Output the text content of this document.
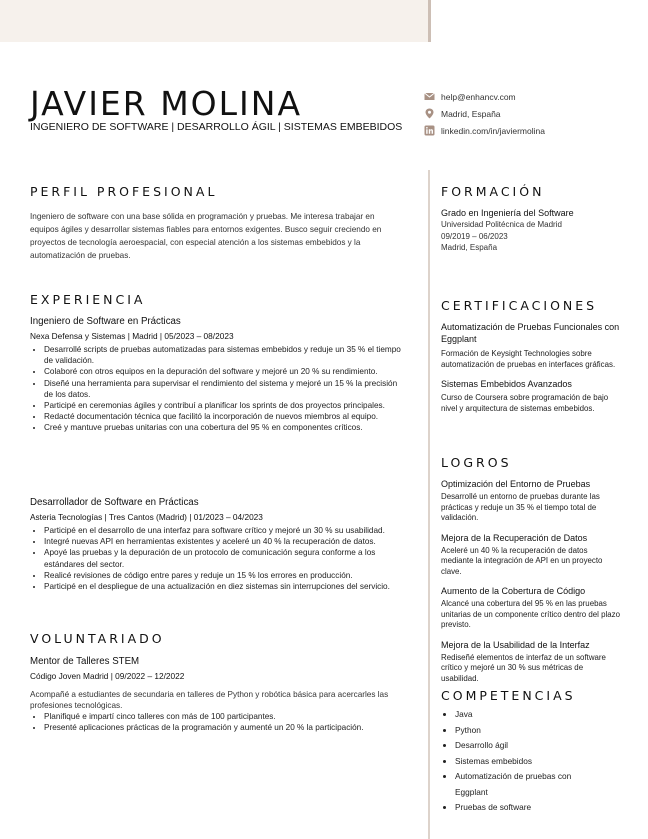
JAVIER MOLINA
INGENIERO DE SOFTWARE | DESARROLLO ÁGIL | SISTEMAS EMBEBIDOS
help@enhancv.com
Madrid, España
linkedin.com/in/javiermolina
PERFIL PROFESIONAL
Ingeniero de software con una base sólida en programación y pruebas. Me interesa trabajar en equipos ágiles y desarrollar sistemas fiables para entornos exigentes. Busco seguir creciendo en proyectos de tecnología aeroespacial, con especial atención a los sistemas embebidos y la automatización de pruebas.
EXPERIENCIA
Ingeniero de Software en Prácticas
Nexa Defensa y Sistemas | Madrid | 05/2023 – 08/2023
• Desarrollé scripts de pruebas automatizadas para sistemas embebidos y reduje un 35 % el tiempo de validación.
• Colaboré con otros equipos en la depuración del software y mejoré un 20 % su rendimiento.
• Diseñé una herramienta para supervisar el rendimiento del sistema y mejoré un 15 % la precisión de los datos.
• Participé en ceremonias ágiles y contribuí a planificar los sprints de dos proyectos principales.
• Redacté documentación técnica que facilitó la incorporación de nuevos miembros al equipo.
• Creé y mantuve pruebas unitarias con una cobertura del 95 % en componentes críticos.
Desarrollador de Software en Prácticas
Asteria Tecnologías | Tres Cantos (Madrid) | 01/2023 – 04/2023
• Participé en el desarrollo de una interfaz para software crítico y mejoré un 30 % su usabilidad.
• Integré nuevas API en herramientas existentes y aceleré un 40 % la recuperación de datos.
• Apoyé las pruebas y la depuración de un protocolo de comunicación segura conforme a los estándares del sector.
• Realicé revisiones de código entre pares y reduje un 15 % los errores en producción.
• Participé en el despliegue de una actualización en diez sistemas sin interrupciones del servicio.
VOLUNTARIADO
Mentor de Talleres STEM
Código Joven Madrid | 09/2022 – 12/2022
Acompañé a estudiantes de secundaria en talleres de Python y robótica básica para acercarles las profesiones tecnológicas.
• Planifiqué e impartí cinco talleres con más de 100 participantes.
• Presenté aplicaciones prácticas de la programación y aumenté un 20 % la participación.
FORMACIÓN
Grado en Ingeniería del Software
Universidad Politécnica de Madrid
09/2019 – 06/2023
Madrid, España
CERTIFICACIONES
Automatización de Pruebas Funcionales con Eggplant
Formación de Keysight Technologies sobre automatización de pruebas en interfaces gráficas.
Sistemas Embebidos Avanzados
Curso de Coursera sobre programación de bajo nivel y arquitectura de sistemas embebidos.
LOGROS
Optimización del Entorno de Pruebas
Desarrollé un entorno de pruebas durante las prácticas y reduje un 35 % el tiempo total de validación.
Mejora de la Recuperación de Datos
Aceleré un 40 % la recuperación de datos mediante la integración de API en un proyecto clave.
Aumento de la Cobertura de Código
Alcancé una cobertura del 95 % en las pruebas unitarias de un componente crítico dentro del plazo previsto.
Mejora de la Usabilidad de la Interfaz
Rediseñé elementos de interfaz de un software crítico y mejoré un 30 % sus métricas de usabilidad.
COMPETENCIAS
• Java
• Python
• Desarrollo ágil
• Sistemas embebidos
• Automatización de pruebas con Eggplant
• Pruebas de software
